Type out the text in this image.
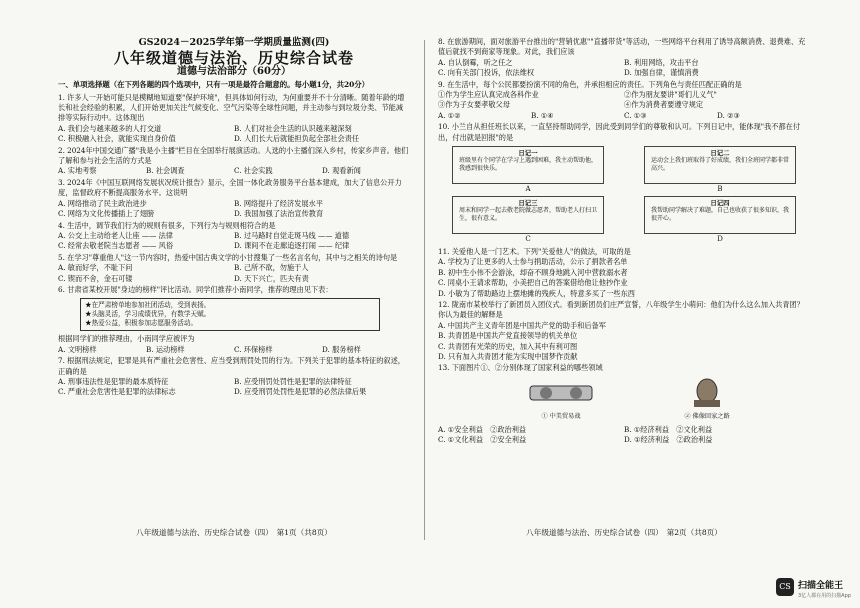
GS2024－2025学年第一学期质量监测(四)
八年级道德与法治、历史综合试卷
道德与法治部分（60分）
一、单项选择题（在下列各题的四个选项中，只有一项是最符合题意的。每小题1分，共20分）
1. 许多人一开始可能只是模糊地知道要"保护环境"，但具体如何行动，为何重要并不十分清晰。随着年龄的增长和社会经验的积累，人们开始更加关注气候变化、空气污染等全球性问题，并主动参与到垃圾分类、节能减排等实际行动中。这体现出
A. 我们会与越来越多的人打交道	B. 人们对社会生活的认识越来越深刻
C. 积极融入社会，就能实现自身价值	D. 人们长大后就能担负起全部社会责任
2. 2024年中国交通广播"我是小主播"栏目在全国举行展演活动。人选的小主播们深入乡村，传家乡声音。他们了解和参与社会生活的方式是
A. 实地考察	B. 社会调查	C. 社会实践	D. 观看新闻
3. 2024年《中国互联网络发展状况统计报告》显示，全国一体化政务服务平台基本建成，加大了信息公开力度，监督政府不断提高服务水平。这说明
A. 网络推动了民主政治进步	B. 网络提升了经济发展水平
C. 网络为文化传播插上了翅膀	D. 我国加强了法治宣传教育
4. 生活中，调节我们行为的规则有很多，下列行为与规则相符合的是
A. 公交上主动给老人让座 —— 法律	B. 过马路时自觉走斑马线 —— 道德
C. 经常去敬老院当志愿者 —— 风俗	D. 课间不在走廊追逐打闹 —— 纪律
5. 在学习"尊重他人"这一节内容时，热爱中国古典文学的小甘搜集了一些名言名句，其中与之相关的诗句是
A. 敏而好学，不耻下问	B. 己所不欲，勿施于人
C. 锲而不舍，金石可镂	D. 天下兴亡，匹夫有责
6. 甘肃省某校开展"身边的榜样"评比活动。同学们推荐小南同学，推荐的理由见下表：
★在严肃榜单地参加社团活动，受到表扬。
★头脑灵活，学习成绩优异，有数学天赋。
★热爱公益，积极参加志愿服务活动。
根据同学们的推荐理由，小南同学应被评为
A. 文明榜样	B. 运动榜样	C. 环保榜样	D. 服务榜样
7. 根据刑法规定，犯罪是具有严重社会危害性、应当受到刑罚处罚的行为。下列关于犯罪的基本特征的叙述，正确的是
A. 刑事违法性是犯罪的最本质特征	B. 应受刑罚处罚性是犯罪的法律特征
C. 严重社会危害性是犯罪的法律标志	D. 应受刑罚处罚性是犯罪的必然法律后果
8. 在旅游期间，面对旅游平台推出的"营销优惠""直播带货"等活动，一些网络平台利用了诱导高额消费、退费难、充值后就找不到商家等现象。对此，我们应该
A. 自认倒霉，听之任之	B. 利用网络，攻击平台
C. 向有关部门投诉，依法维权	D. 加强自律，谨慎消费
9. 在生活中，每个公民都要扮演不同的角色，并承担相应的责任。下列角色与责任匹配正确的是
①作为学生应认真完成各科作业	②作为朋友要讲"哥们儿义气"
③作为子女要孝敬父母	④作为消费者要遵守规定
A. ①②	B. ①④	C. ①③	D. ②③
10. 小兰自从担任班长以来，一直坚持帮助同学，因此受到同学们的尊敬和认可。下列日记中，能体现"我不都在付出，付出就是回报"的是
日记一
班级里有个同学在学习上遇到困难，我主动帮助他，我感到很快乐。
A
日记二
运动会上我们班取得了好成绩，我们全班同学都非常高兴。
B
日记三
周末和同学一起去敬老院做志愿者，帮助老人打扫卫生，很有意义。
C
日记四
我帮助同学解决了难题，自己也收获了很多知识，我很开心。
D
11. 关爱他人是一门艺术。下列"关爱他人"的做法，可取的是
A. 学校为了让更多的人士参与捐助活动，公示了捐款者名单
B. 初中生小伟不会游泳，却奋不顾身地跳入河中营救溺水者
C. 同桌小王请求帮助，小美把自己的答案借给他让他抄作业
D. 小敏为了帮助路边上摆地摊的残疾人，特意多买了一些东西
12. 陇南市某校举行了新团员入团仪式。看到新团员们庄严宣誓，八年级学生小萌问：他们为什么这么加入共青团？你认为最佳的解释是
A. 中国共产主义青年团是中国共产党的助手和后备军
B. 共青团是中国共产党直接领导的机关单位
C. 共青团有光荣的历史，加入其中有利可图
D. 只有加入共青团才能为实现中国梦作贡献
13. 下面图片①、②分别体现了国家利益的哪些领域
① 中美贸易战	② 佛像回家之路
A. ①安全利益　②政治利益	B. ①经济利益　②文化利益
C. ①文化利益　②安全利益	D. ①经济利益　②政治利益
八年级道德与法治、历史综合试卷（四）　第1页（共8页）	八年级道德与法治、历史综合试卷（四）　第2页（共8页）
CS 扫描全能王
3亿人都在用的扫描App
